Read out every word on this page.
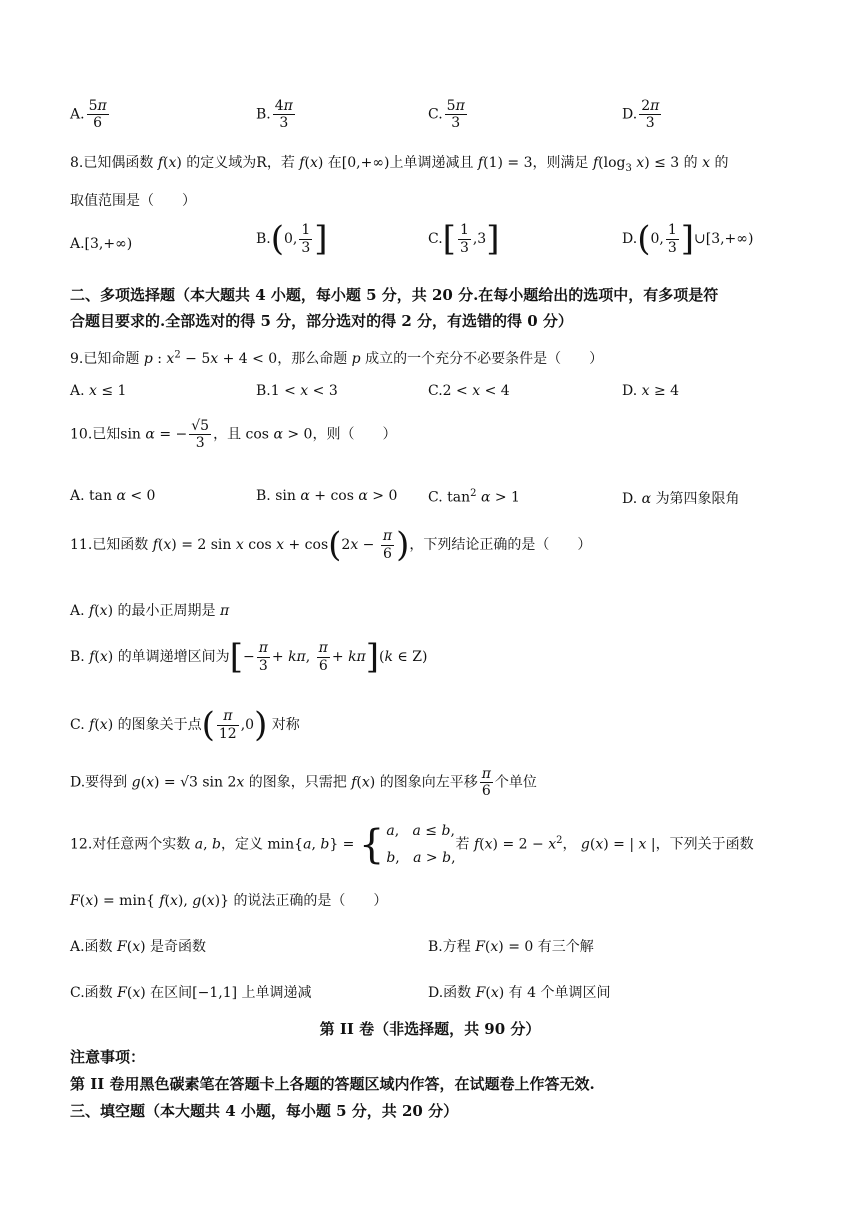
A. $\frac{5\pi}{6}$	B. $\frac{4\pi}{3}$	C. $\frac{5\pi}{3}$	D. $\frac{2\pi}{3}$
8.已知偶函数 f(x) 的定义域为R，若 f(x) 在[0,+∞)上单调递减且 f(1) = 3，则满足 $f(\log_3$ x) ≤ 3 的 x 的
取值范围是（　　）
A.[3,+∞)	B.(0, $\frac{1}{3}$ ]	$C.[ \frac{1}{3} ,3]$	D.(0, $\frac{1}{3}$ ]∪[3,+∞)
二、多项选择题（本大题共 4 小题，每小题 5 分，共 20 分.在每小题给出的选项中，有多项是符
合题目要求的.全部选对的得 5 分，部分选对的得 2 分，有选错的得 0 分）
9.已知命题 p : $x^2 - 5x + 4 < 0$，那么命题 p 成立的一个充分不必要条件是（　　）
A. x ≤ 1	B.1 < x < 3	C.2 < x < 4	D. x ≥ 4
10.已知sin α = − $\frac{√5}{3}$ ，且 cos α > 0，则（　　）
A. tan α < 0	B. sin α + cos α > 0 C. $\tan^2 \alpha > 1$	D. α 为第四象限角
11.已知函数 f(x) = 2 sin x $\cos x + \cos(2x - \frac{\pi}{6}$ )，下列结论正确的是（　　）
A. f(x) 的最小正周期是 π
B. f(x) 的单调递增区间为[− $\frac{\pi}{3} + k\pi$, $\frac{\pi}{6} + k\pi](k$ ∈ Z)
C. f(x) 的图象关于点( $\frac{\pi}{12} ,0$) 对称
D.要得到 g(x) = √3 sin 2x 的图象，只需把 f(x) 的图象向左平移 $\frac{\pi}{6}$ 个单位
12.对任意两个实数 a, b，定义 min{a, b} = { a,   a ≤ b,
b,   a > b,
若 $f(x) = 2 - x^2$， g(x) = | x |，下列关于函数
F(x) = min{ f(x), g(x)} 的说法正确的是（　　）
A.函数 F(x) 是奇函数	B.方程 F(x) = 0 有三个解
C.函数 F(x) 在区间[−1,1] 上单调递减	D.函数 F(x) 有 4 个单调区间
第 II 卷（非选择题，共 90 分）
注意事项：
第 II 卷用黑色碳素笔在答题卡上各题的答题区域内作答，在试题卷上作答无效.
三、填空题（本大题共 4 小题，每小题 5 分，共 20 分）
